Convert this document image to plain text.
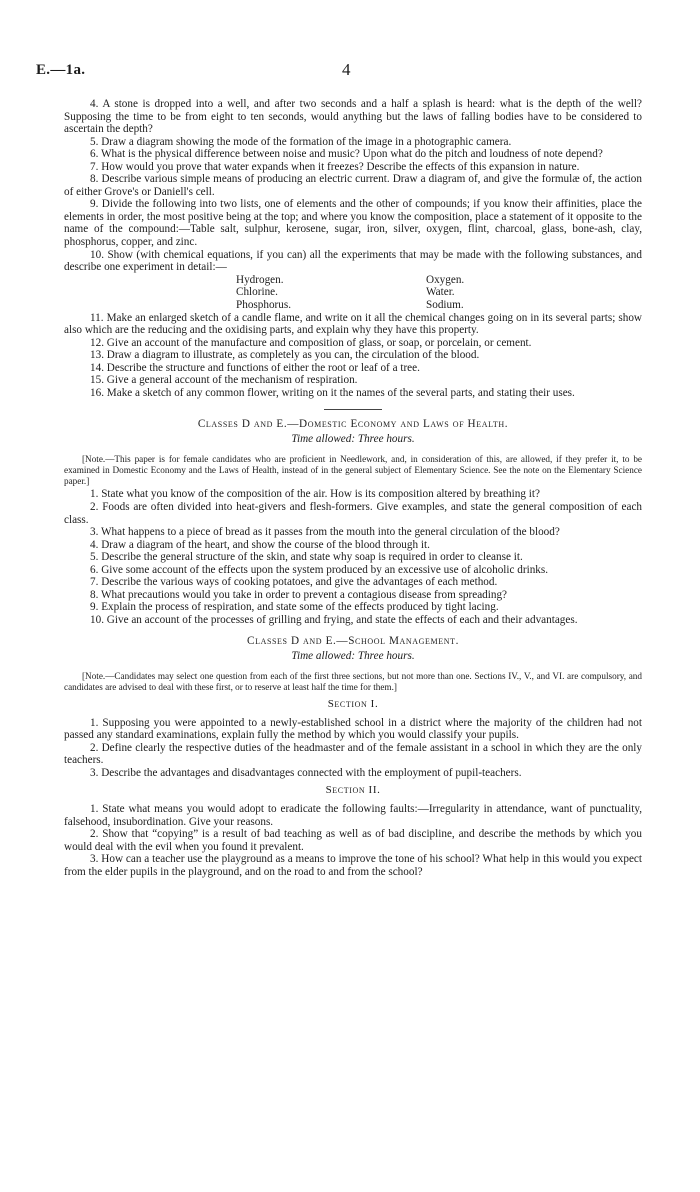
E.—1a.	4

4. A stone is dropped into a well, and after two seconds and a half a splash is heard: what is the depth of the well? Supposing the time to be from eight to ten seconds, would anything but the laws of falling bodies have to be considered to ascertain the depth?

5. Draw a diagram showing the mode of the formation of the image in a photographic camera.

6. What is the physical difference between noise and music? Upon what do the pitch and loudness of note depend?

7. How would you prove that water expands when it freezes? Describe the effects of this expansion in nature.

8. Describe various simple means of producing an electric current. Draw a diagram of, and give the formulæ of, the action of either Grove's or Daniell's cell.

9. Divide the following into two lists, one of elements and the other of compounds; if you know their affinities, place the elements in order, the most positive being at the top; and where you know the composition, place a statement of it opposite to the name of the compound:—Table salt, sulphur, kerosene, sugar, iron, silver, oxygen, flint, charcoal, glass, bone-ash, clay, phosphorus, copper, and zinc.

10. Show (with chemical equations, if you can) all the experiments that may be made with the following substances, and describe one experiment in detail:—

Hydrogen.
Chlorine.
Phosphorus.
Oxygen.
Water.
Sodium.

11. Make an enlarged sketch of a candle flame, and write on it all the chemical changes going on in its several parts; show also which are the reducing and the oxidising parts, and explain why they have this property.

12. Give an account of the manufacture and composition of glass, or soap, or porcelain, or cement.

13. Draw a diagram to illustrate, as completely as you can, the circulation of the blood.

14. Describe the structure and functions of either the root or leaf of a tree.

15. Give a general account of the mechanism of respiration.

16. Make a sketch of any common flower, writing on it the names of the several parts, and stating their uses.

Classes D and E.—Domestic Economy and Laws of Health.

Time allowed: Three hours.

[Note.—This paper is for female candidates who are proficient in Needlework, and, in consideration of this, are allowed, if they prefer it, to be examined in Domestic Economy and the Laws of Health, instead of in the general subject of Elementary Science. See the note on the Elementary Science paper.]

1. State what you know of the composition of the air. How is its composition altered by breathing it?

2. Foods are often divided into heat-givers and flesh-formers. Give examples, and state the general composition of each class.

3. What happens to a piece of bread as it passes from the mouth into the general circulation of the blood?

4. Draw a diagram of the heart, and show the course of the blood through it.

5. Describe the general structure of the skin, and state why soap is required in order to cleanse it.

6. Give some account of the effects upon the system produced by an excessive use of alcoholic drinks.

7. Describe the various ways of cooking potatoes, and give the advantages of each method.

8. What precautions would you take in order to prevent a contagious disease from spreading?

9. Explain the process of respiration, and state some of the effects produced by tight lacing.

10. Give an account of the processes of grilling and frying, and state the effects of each and their advantages.

Classes D and E.—School Management.

Time allowed: Three hours.

[Note.—Candidates may select one question from each of the first three sections, but not more than one. Sections IV., V., and VI. are compulsory, and candidates are advised to deal with these first, or to reserve at least half the time for them.]

Section I.

1. Supposing you were appointed to a newly-established school in a district where the majority of the children had not passed any standard examinations, explain fully the method by which you would classify your pupils.

2. Define clearly the respective duties of the headmaster and of the female assistant in a school in which they are the only teachers.

3. Describe the advantages and disadvantages connected with the employment of pupil-teachers.

Section II.

1. State what means you would adopt to eradicate the following faults:—Irregularity in attendance, want of punctuality, falsehood, insubordination. Give your reasons.

2. Show that “copying” is a result of bad teaching as well as of bad discipline, and describe the methods by which you would deal with the evil when you found it prevalent.

3. How can a teacher use the playground as a means to improve the tone of his school? What help in this would you expect from the elder pupils in the playground, and on the road to and from the school?
